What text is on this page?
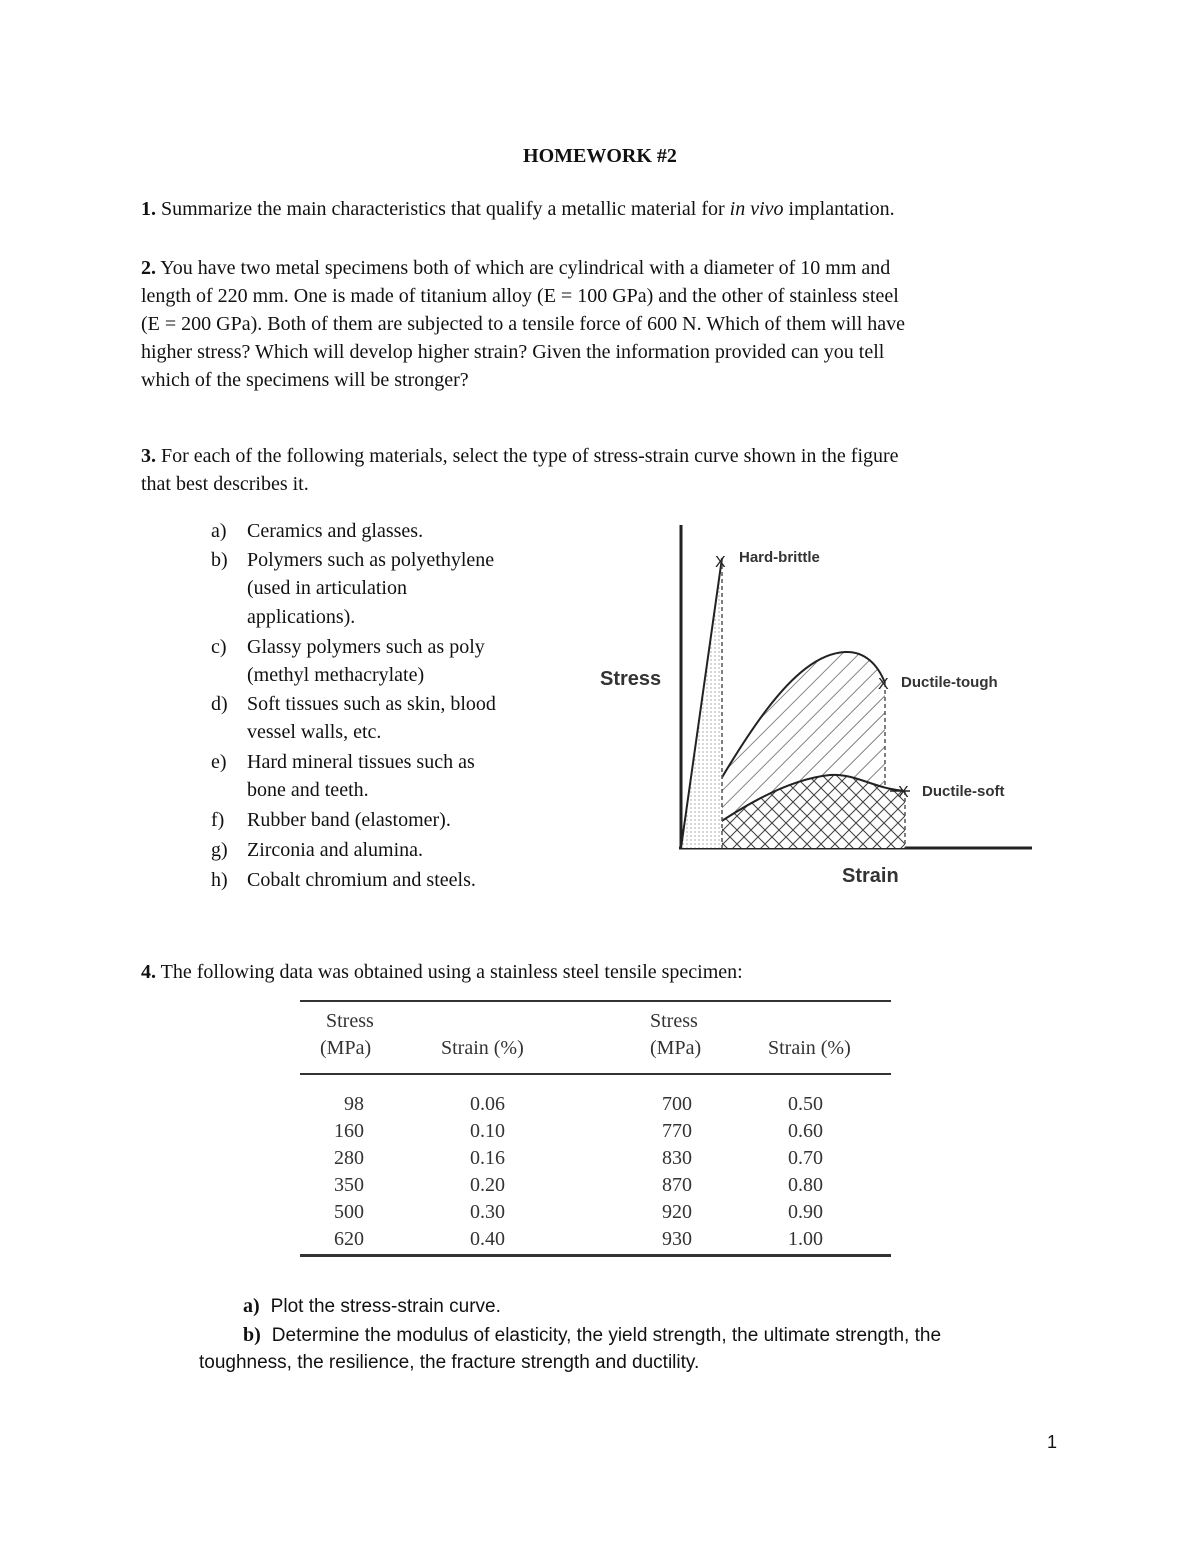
HOMEWORK #2
1. Summarize the main characteristics that qualify a metallic material for in vivo implantation.
2. You have two metal specimens both of which are cylindrical with a diameter of 10 mm and
length of 220 mm. One is made of titanium alloy (E = 100 GPa) and the other of stainless steel
(E = 200 GPa). Both of them are subjected to a tensile force of 600 N. Which of them will have
higher stress? Which will develop higher strain? Given the information provided can you tell
which of the specimens will be stronger?
3. For each of the following materials, select the type of stress-strain curve shown in the figure
that best describes it.
a) Ceramics and glasses.
b) Polymers such as polyethylene
(used in articulation
applications).
c) Glassy polymers such as poly
(methyl methacrylate)
d) Soft tissues such as skin, blood
vessel walls, etc.
e) Hard mineral tissues such as
bone and teeth.
f) Rubber band (elastomer).
g) Zirconia and alumina.
h) Cobalt chromium and steels.
X
X
X
Hard-brittle
Ductile-tough
Ductile-soft
Stress
Strain
4. The following data was obtained using a stainless steel tensile specimen:
Stress
(MPa)	Strain (%)
Stress
(MPa)	Strain (%)
98	0.06	700	0.50
160	0.10	770	0.60
280	0.16	830	0.70
350	0.20	870	0.80
500	0.30	920	0.90
620	0.40	930	1.00
a) Plot the stress-strain curve.
b) Determine the modulus of elasticity, the yield strength, the ultimate strength, the
toughness, the resilience, the fracture strength and ductility.
1
